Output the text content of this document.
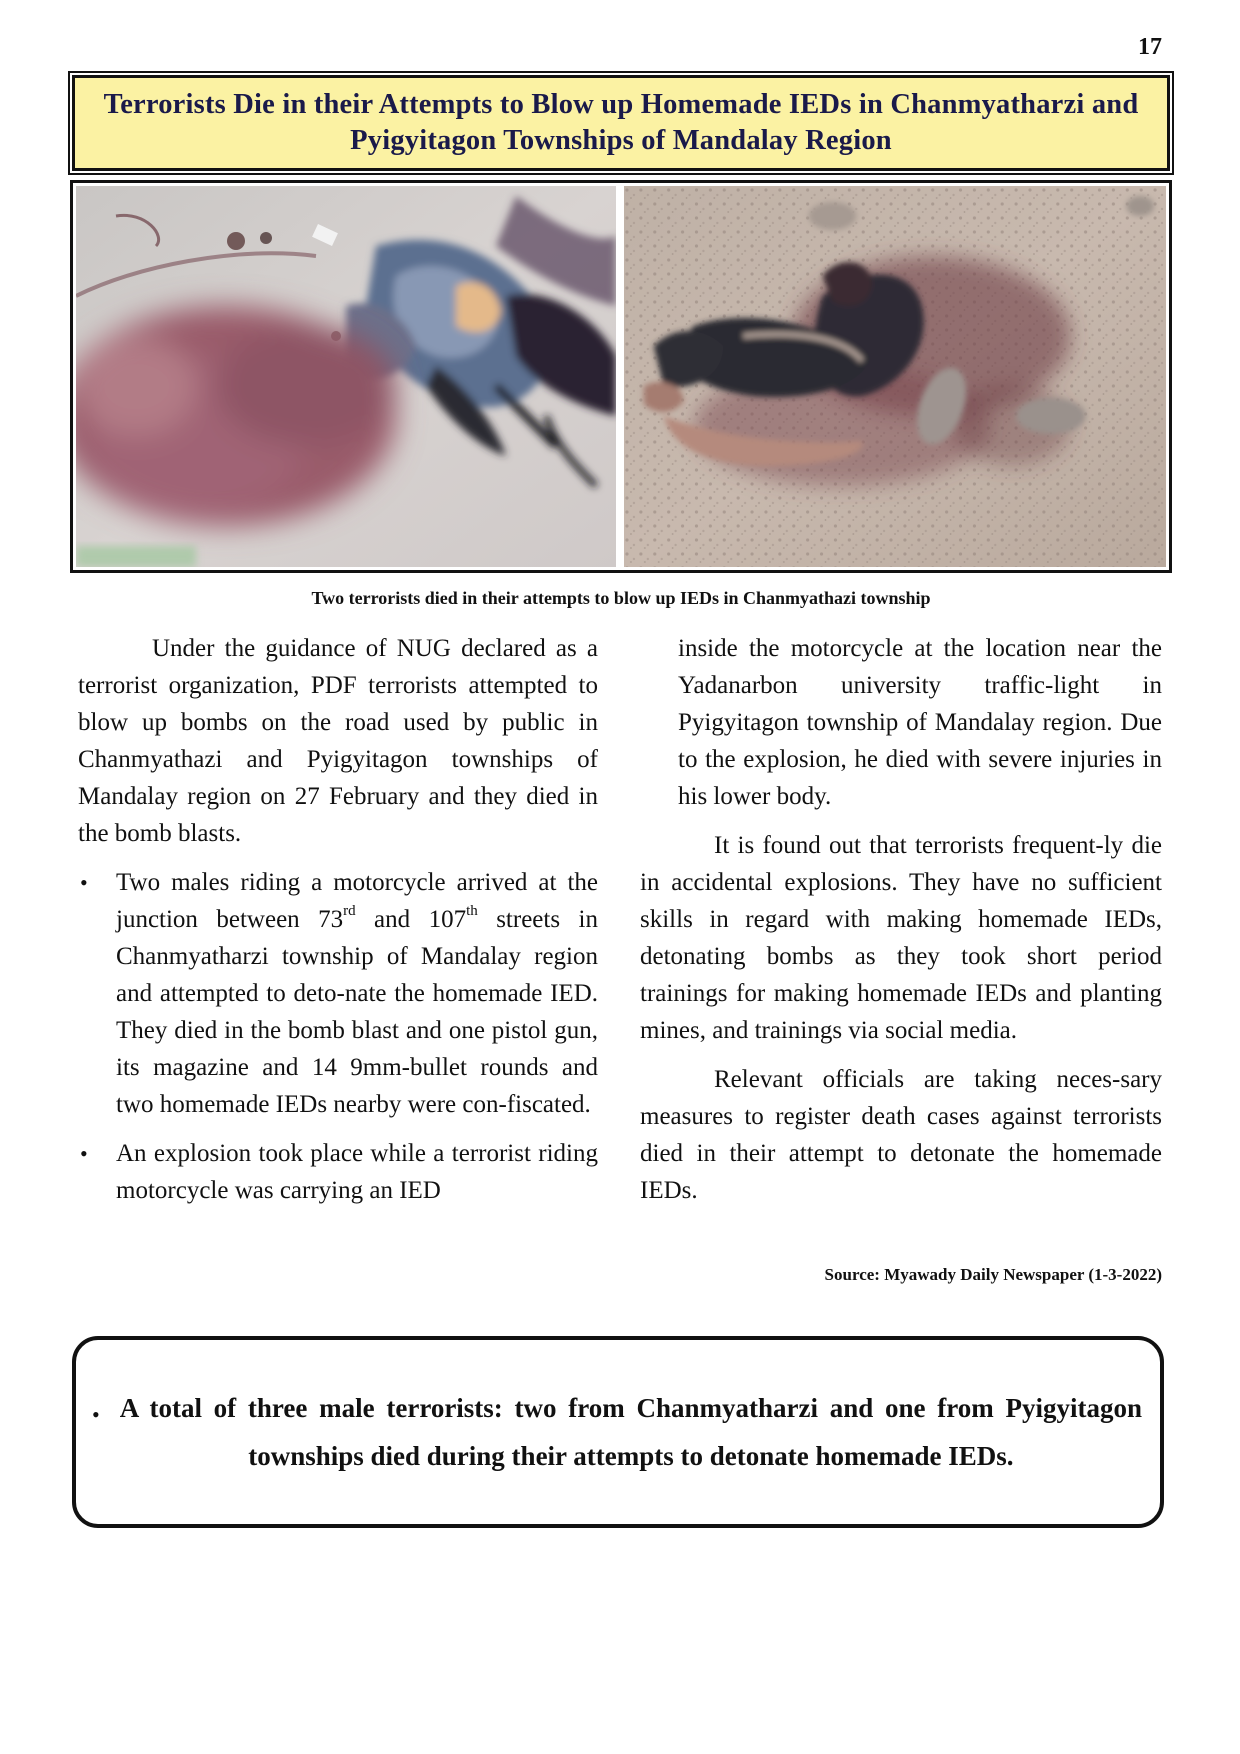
17
Terrorists Die in their Attempts to Blow up Homemade IEDs in Chanmyatharzi and Pyigyitagon Townships of Mandalay Region
Two terrorists died in their attempts to blow up IEDs in Chanmyathazi township

Under the guidance of NUG declared as a terrorist organization, PDF terrorists attempted to blow up bombs on the road used by public in Chanmyathazi and Pyigyitagon townships of Mandalay region on 27 February and they died in the bomb blasts.

• Two males riding a motorcycle arrived at the junction between 73rd and 107th streets in Chanmyatharzi township of Mandalay region and attempted to deto-nate the homemade IED. They died in the bomb blast and one pistol gun, its magazine and 14 9mm-bullet rounds and two homemade IEDs nearby were con-fiscated.
• An explosion took place while a terrorist riding motorcycle was carrying an IED

inside the motorcycle at the location near the Yadanarbon university traffic-light in Pyigyitagon township of Mandalay region. Due to the explosion, he died with severe injuries in his lower body.

It is found out that terrorists frequent-ly die in accidental explosions. They have no sufficient skills in regard with making homemade IEDs, detonating bombs as they took short period trainings for making homemade IEDs and planting mines, and trainings via social media.

Relevant officials are taking neces-sary measures to register death cases against terrorists died in their attempt to detonate the homemade IEDs.

Source: Myawady Daily Newspaper (1-3-2022)
• A total of three male terrorists: two from Chanmyatharzi and one from Pyigyitagon townships died during their attempts to detonate homemade IEDs.
